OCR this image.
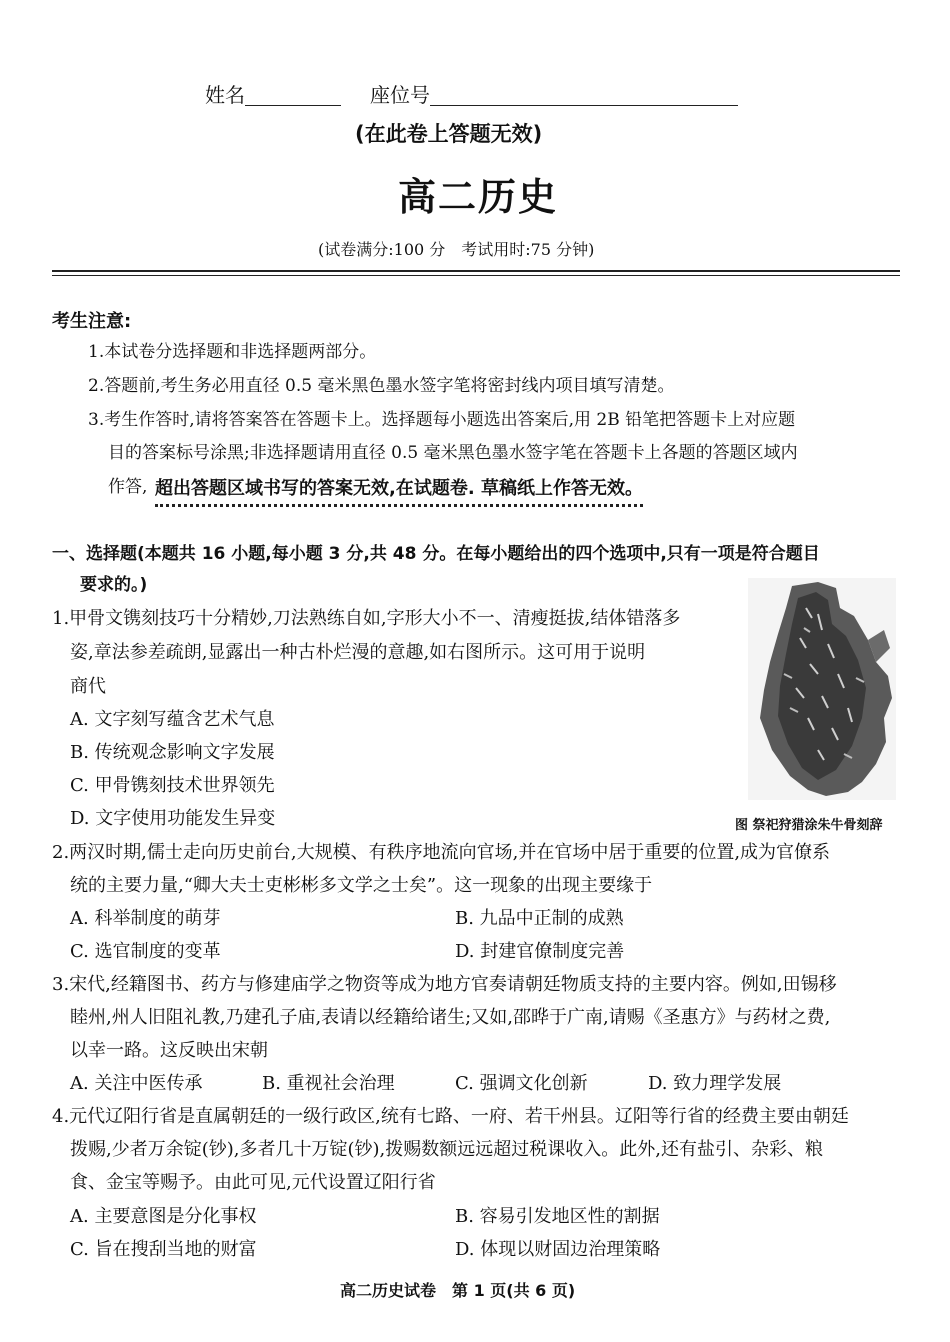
姓名	座位号
(在此卷上答题无效)
高二历史
(试卷满分:100 分　考试用时:75 分钟)
考生注意:
1.本试卷分选择题和非选择题两部分。
2.答题前,考生务必用直径 0.5 毫米黑色墨水签字笔将密封线内项目填写清楚。
3.考生作答时,请将答案答在答题卡上。选择题每小题选出答案后,用 2B 铅笔把答题卡上对应题
目的答案标号涂黑;非选择题请用直径 0.5 毫米黑色墨水签字笔在答题卡上各题的答题区域内
作答, 超出答题区域书写的答案无效,在试题卷. 草稿纸上作答无效。
一、选择题(本题共 16 小题,每小题 3 分,共 48 分。在每小题给出的四个选项中,只有一项是符合题目
要求的。)
1.甲骨文镌刻技巧十分精妙,刀法熟练自如,字形大小不一、清瘦挺拔,结体错落多
姿,章法参差疏朗,显露出一种古朴烂漫的意趣,如右图所示。这可用于说明
商代
A. 文字刻写蕴含艺术气息
B. 传统观念影响文字发展
C. 甲骨镌刻技术世界领先
D. 文字使用功能发生异变	图 祭祀狩猎涂朱牛骨刻辞
2.两汉时期,儒士走向历史前台,大规模、有秩序地流向官场,并在官场中居于重要的位置,成为官僚系
统的主要力量,“卿大夫士吏彬彬多文学之士矣”。这一现象的出现主要缘于
A. 科举制度的萌芽	B. 九品中正制的成熟
C. 选官制度的变革	D. 封建官僚制度完善
3.宋代,经籍图书、药方与修建庙学之物资等成为地方官奏请朝廷物质支持的主要内容。例如,田锡移
睦州,州人旧阻礼教,乃建孔子庙,表请以经籍给诸生;又如,邵晔于广南,请赐《圣惠方》与药材之费,
以幸一路。这反映出宋朝
A. 关注中医传承	B. 重视社会治理	C. 强调文化创新	D. 致力理学发展
4.元代辽阳行省是直属朝廷的一级行政区,统有七路、一府、若干州县。辽阳等行省的经费主要由朝廷
拨赐,少者万余锭(钞),多者几十万锭(钞),拨赐数额远远超过税课收入。此外,还有盐引、杂彩、粮
食、金宝等赐予。由此可见,元代设置辽阳行省
A. 主要意图是分化事权	B. 容易引发地区性的割据
C. 旨在搜刮当地的财富	D. 体现以财固边治理策略
高二历史试卷　第 1 页(共 6 页)
